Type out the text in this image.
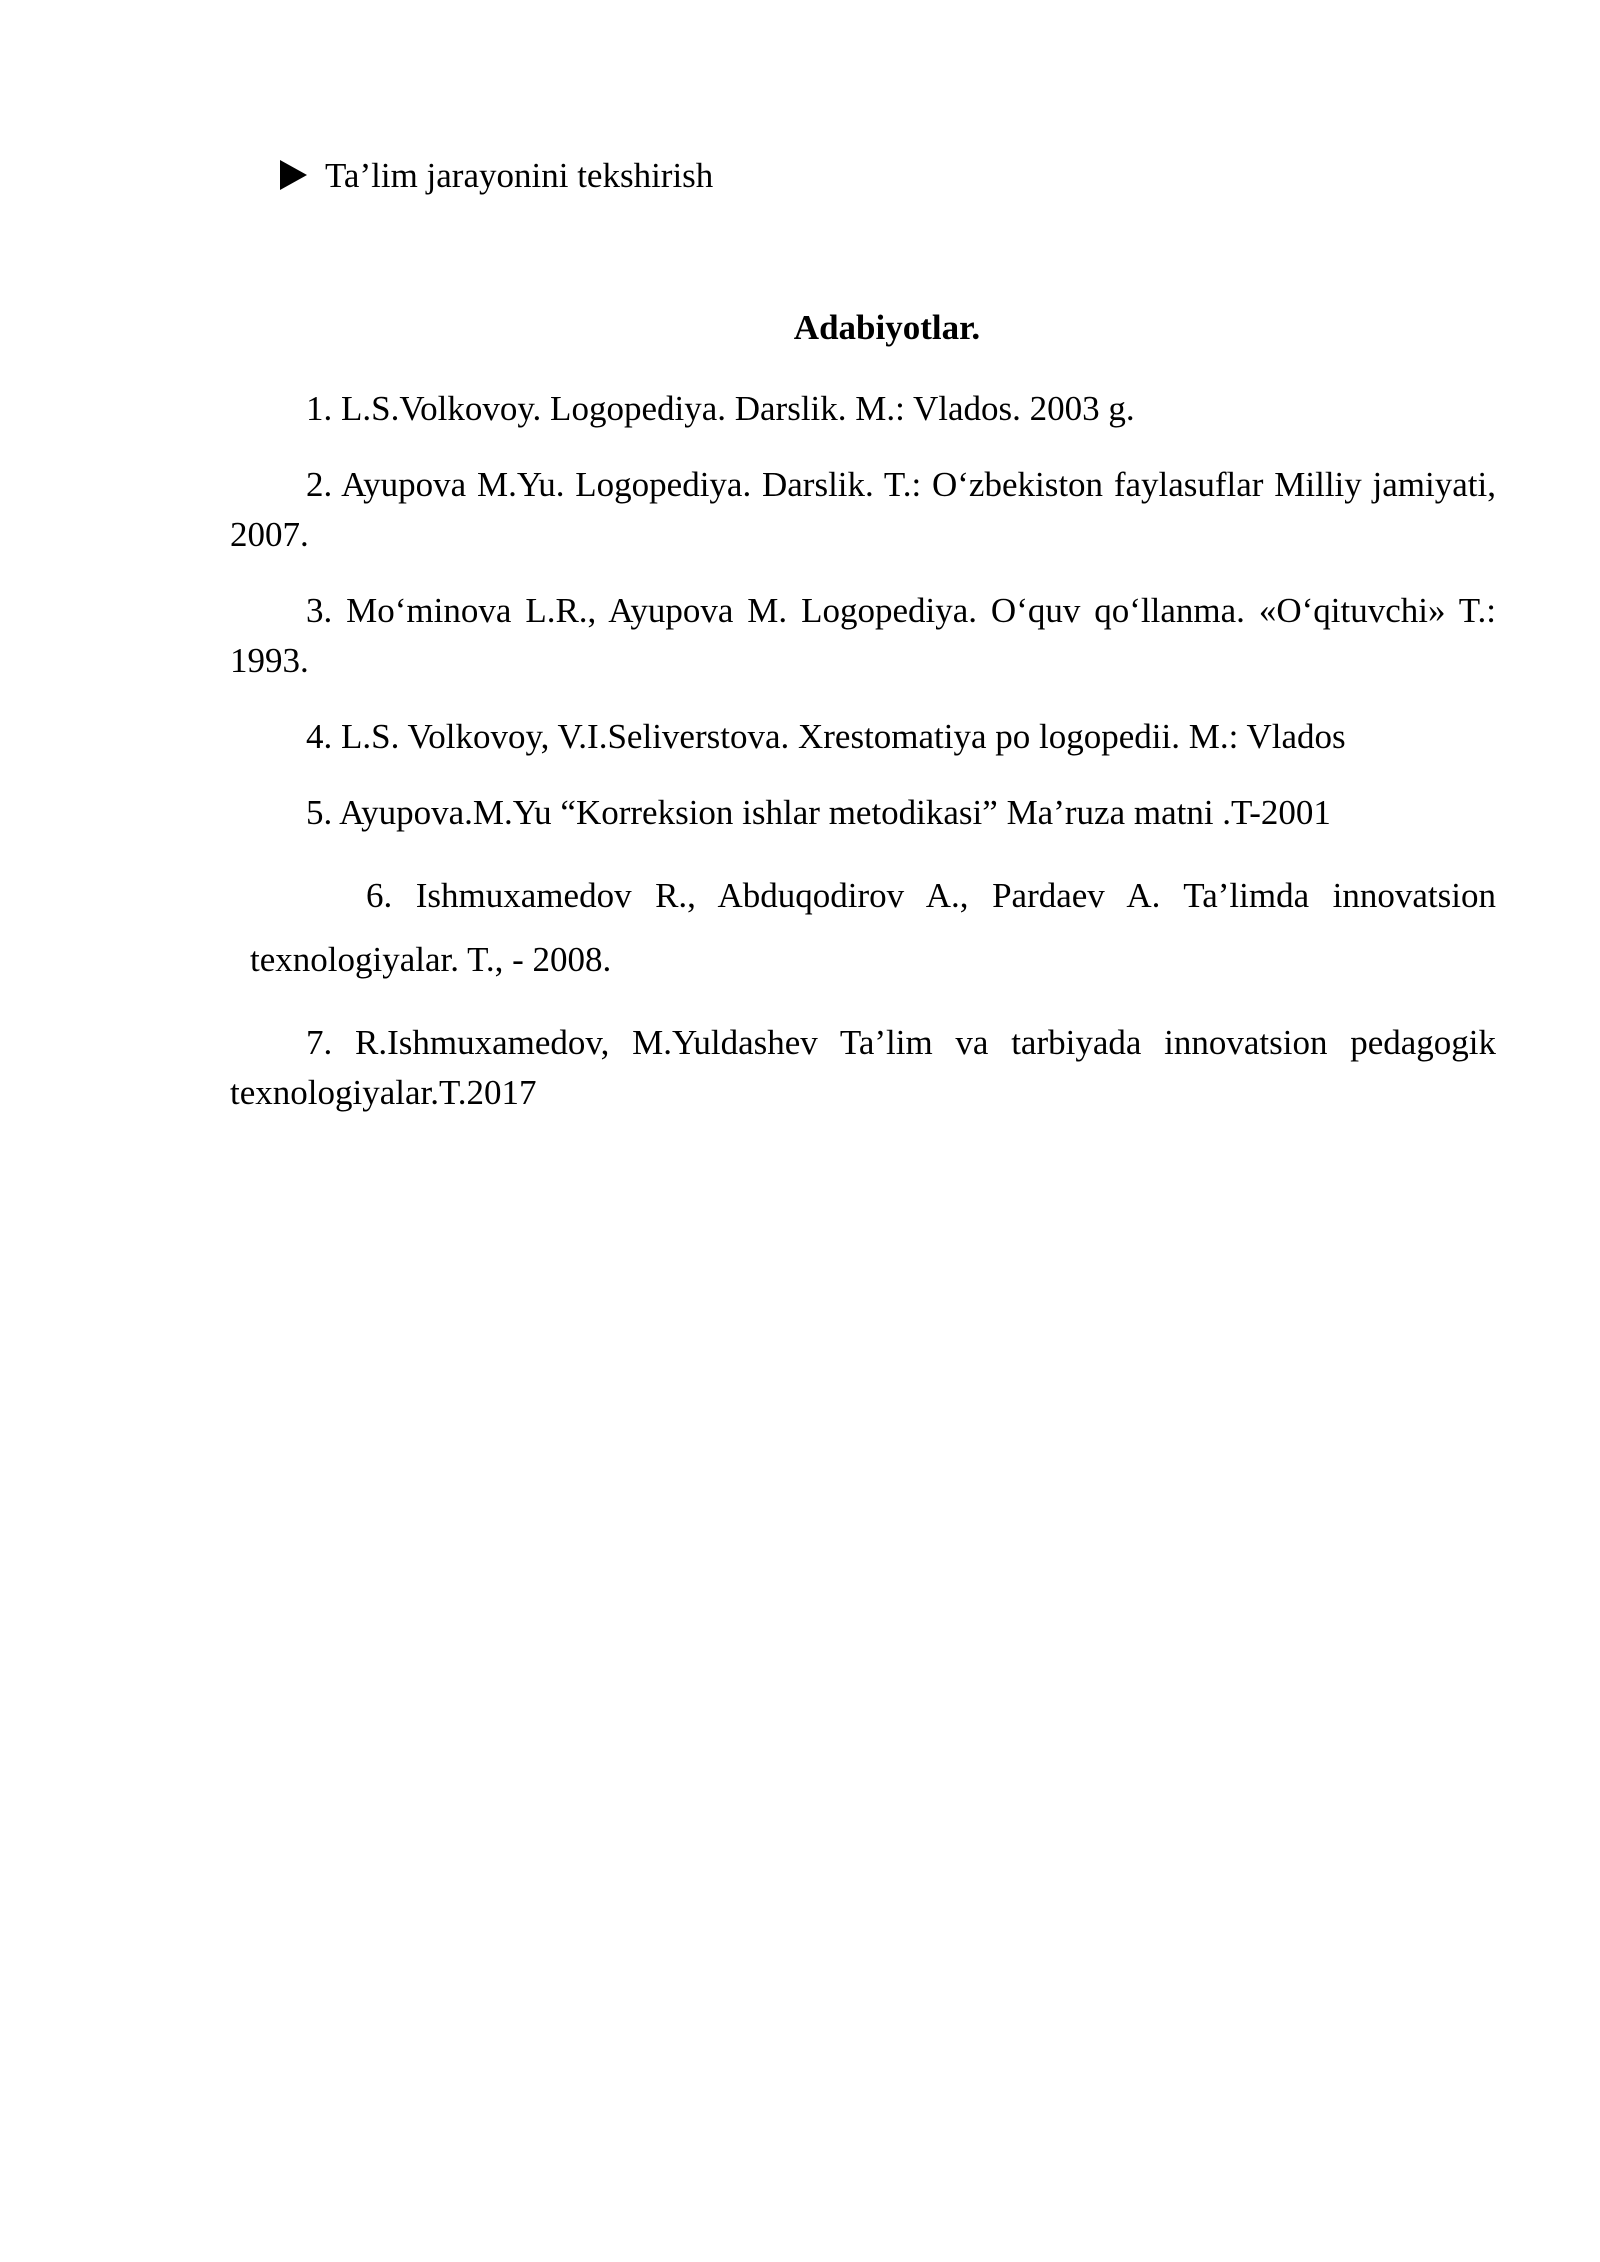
Ta’lim jarayonini tekshirish
Adabiyotlar.

1. L.S.Volkovoy. Logopediya. Darslik. M.: Vlados. 2003 g.

2. Ayupova M.Yu. Logopediya. Darslik. T.: O‘zbekiston faylasuflar Milliy jamiyati, 2007.

3. Mo‘minova L.R., Ayupova M. Logopediya. O‘quv qo‘llanma. «O‘qituvchi» T.: 1993.

4. L.S. Volkovoy, V.I.Seliverstova. Xrestomatiya po logopedii. M.: Vlados

5. Ayupova.M.Yu “Korreksion ishlar metodikasi” Ma’ruza matni .T-2001

6. Ishmuxamedov R., Abduqodirov A., Pardaev A. Ta’limda innovatsion texnologiyalar. T., - 2008.

7. R.Ishmuxamedov, M.Yuldashev Ta’lim va tarbiyada innovatsion pedagogik texnologiyalar.T.2017
